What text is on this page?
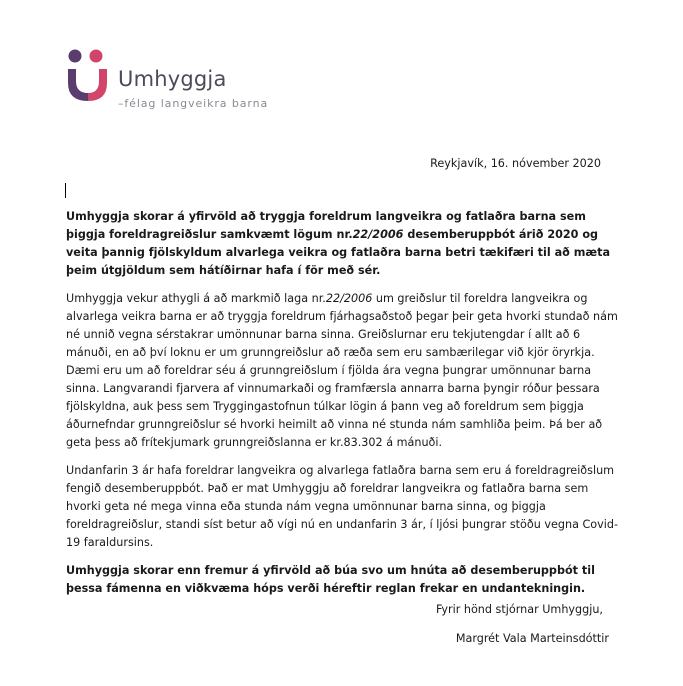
Umhyggja
–félag langveikra barna
Reykjavík, 16. nóvember 2020

Umhyggja skorar á yfirvöld að tryggja foreldrum langveikra og fatlaðra barna sem þiggja foreldragreiðslur samkvæmt lögum nr.22/2006 desemberuppbót árið 2020 og veita þannig fjölskyldum alvarlega veikra og fatlaðra barna betri tækifæri til að mæta þeim útgjöldum sem hátíðirnar hafa í för með sér.

Umhyggja vekur athygli á að markmið laga nr.22/2006 um greiðslur til foreldra langveikra og alvarlega veikra barna er að tryggja foreldrum fjárhagsaðstoð þegar þeir geta hvorki stundað nám né unnið vegna sérstakrar umönnunar barna sinna. Greiðslurnar eru tekjutengdar í allt að 6 mánuði, en að því loknu er um grunngreiðslur að ræða sem eru sambærilegar við kjör öryrkja. Dæmi eru um að foreldrar séu á grunngreiðslum í fjölda ára vegna þungrar umönnunar barna sinna. Langvarandi fjarvera af vinnumarkaði og framfærsla annarra barna þyngir róður þessara fjölskyldna, auk þess sem Tryggingastofnun túlkar lögin á þann veg að foreldrum sem þiggja áðurnefndar grunngreiðslur sé hvorki heimilt að vinna né stunda nám samhliða þeim. Þá ber að geta þess að frítekjumark grunngreiðslanna er kr.83.302 á mánuði.

Undanfarin 3 ár hafa foreldrar langveikra og alvarlega fatlaðra barna sem eru á foreldragreiðslum fengið desemberuppbót. Það er mat Umhyggju að foreldrar langveikra og fatlaðra barna sem hvorki geta né mega vinna eða stunda nám vegna umönnunar barna sinna, og þiggja foreldragreiðslur, standi síst betur að vígi nú en undanfarin 3 ár, í ljósi þungrar stöðu vegna Covid-19 faraldursins.

Umhyggja skorar enn fremur á yfirvöld að búa svo um hnúta að desemberuppbót til þessa fámenna en viðkvæma hóps verði héreftir reglan frekar en undantekningin.

Fyrir hönd stjórnar Umhyggju,
Margrét Vala Marteinsdóttir
